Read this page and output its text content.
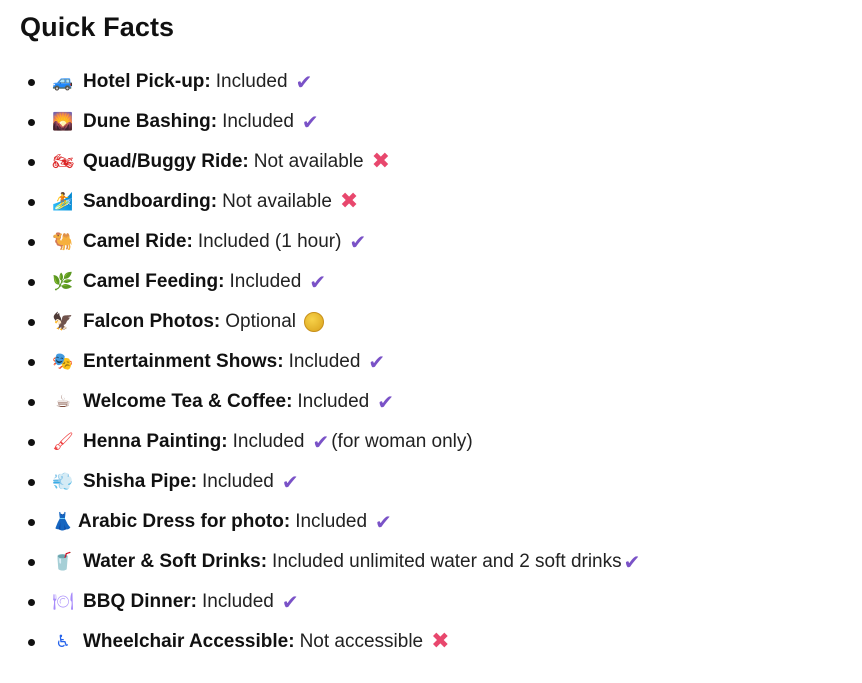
Quick Facts
🚙 Hotel Pick-up: Included ✔
🌄 Dune Bashing: Included ✔
🏍 Quad/Buggy Ride: Not available ✖
🏄 Sandboarding: Not available ✖
🐫 Camel Ride: Included (1 hour) ✔
🌿 Camel Feeding: Included ✔
🦅 Falcon Photos: Optional
🎭 Entertainment Shows: Included ✔
☕ Welcome Tea & Coffee: Included ✔
🖌 Henna Painting: Included ✔ (for woman only)
💨 Shisha Pipe: Included ✔
👗 Arabic Dress for photo: Included ✔
🥤 Water & Soft Drinks: Included unlimited water and 2 soft drinks ✔
🍽 BBQ Dinner: Included ✔
♿ Wheelchair Accessible: Not accessible ✖
